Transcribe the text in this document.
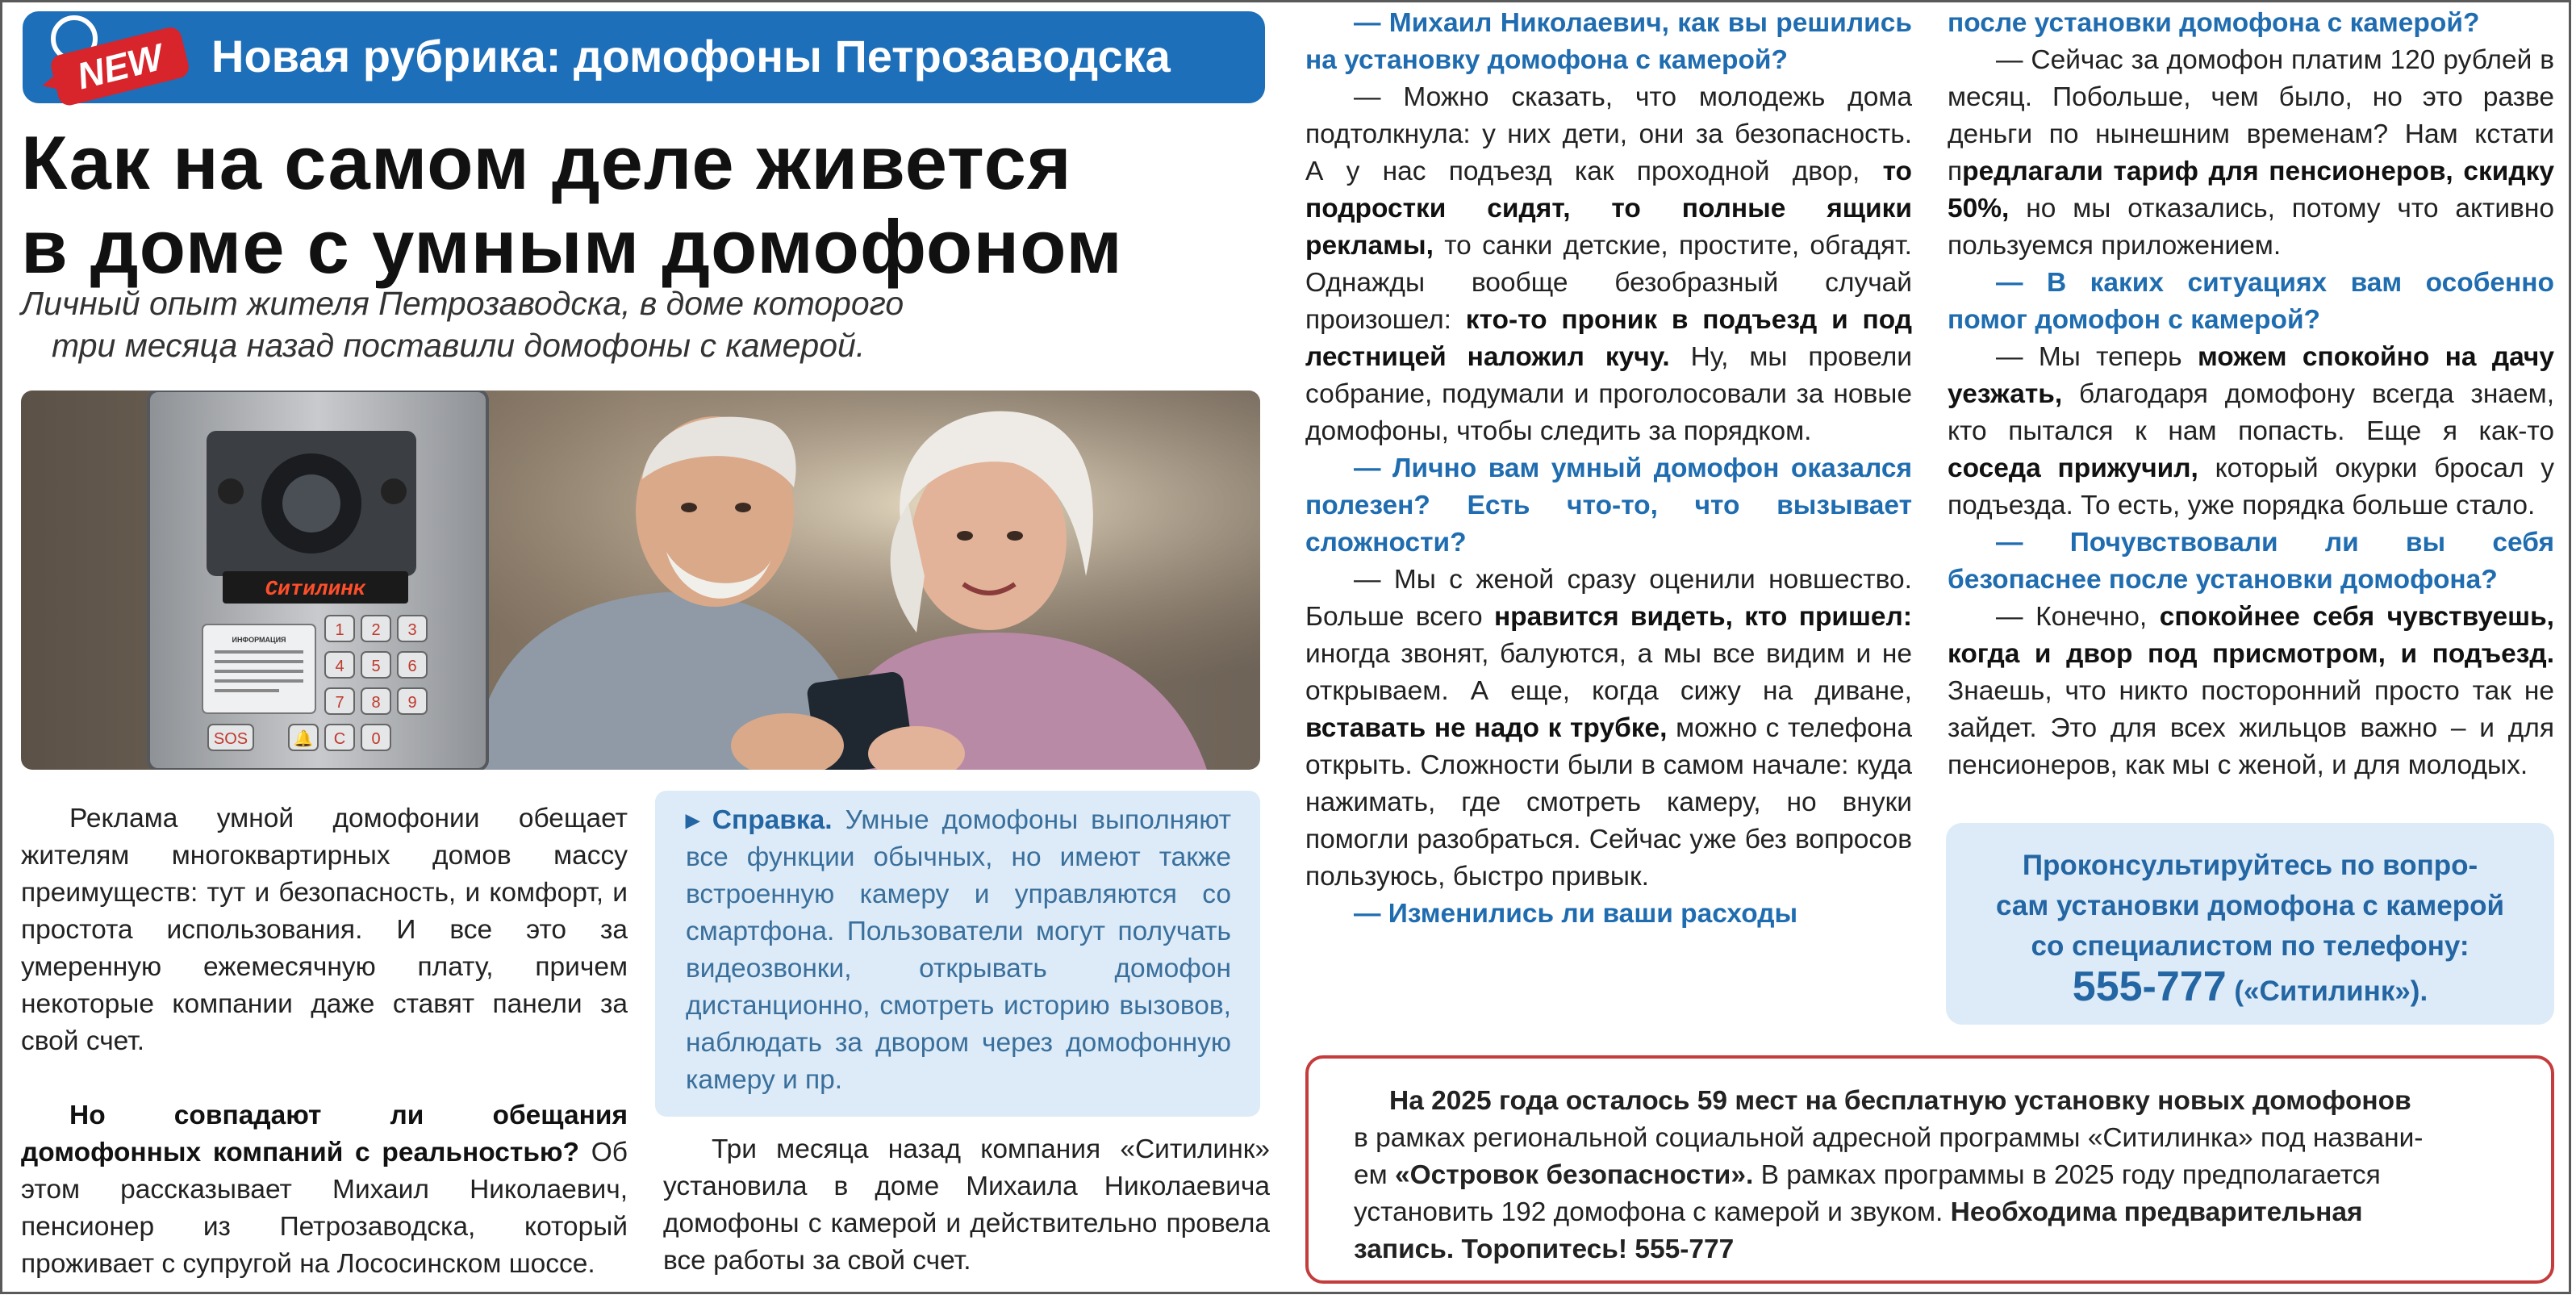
NEW Новая рубрика: домофоны Петрозаводска
Как на самом деле живется
в доме с умным домофоном
Личный опыт жителя Петрозаводска, в доме которого
три месяца назад поставили домофоны с камерой.
Ситилинк
ИНФОРМАЦИЯ
1 2 3
4 5 6
7 8 9
🔔 C 0
SOS

Реклама умной домофонии обещает жителям многоквартирных домов массу преимуществ: тут и безопасность, и комфорт, и простота использования. И все это за умеренную ежемесячную плату, причем некоторые компании даже ставят панели за свой счет.

Но совпадают ли обещания домофонных компаний с реальностью? Об этом рассказывает Михаил Николаевич, пенсионер из Петрозаводска, который проживает с супругой на Лососинском шоссе.

▸ Справка. Умные домофоны выполняют все функции обычных, но имеют также встроенную камеру и управляются со смартфона. Пользователи могут получать видеозвонки, открывать домофон дистанционно, смотреть историю вызовов, наблюдать за двором через домофонную камеру и пр.

Три месяца назад компания «Ситилинк» установила в доме Михаила Николаевича домофоны с камерой и действительно провела все работы за свой счет.

— Михаил Николаевич, как вы решились на установку домофона с камерой?

— Можно сказать, что молодежь дома подтолкнула: у них дети, они за безопасность. А у нас подъезд как проходной двор, то подростки сидят, то полные ящики рекламы, то санки детские, простите, обгадят. Однажды вообще безобразный случай произошел: кто-то проник в подъезд и под лестницей наложил кучу. Ну, мы провели собрание, подумали и проголосовали за новые домофоны, чтобы следить за порядком.

— Лично вам умный домофон оказался полезен? Есть что-то, что вызывает сложности?

— Мы с женой сразу оценили новшество. Больше всего нравится видеть, кто пришел: иногда звонят, балуются, а мы все видим и не открываем. А еще, когда сижу на диване, вставать не надо к трубке, можно с телефона открыть. Сложности были в самом начале: куда нажимать, где смотреть камеру, но внуки помогли разобраться. Сейчас уже без вопросов пользуюсь, быстро привык.

— Изменились ли ваши расходы

после установки домофона с камерой?

— Сейчас за домофон платим 120 рублей в месяц. Побольше, чем было, но это разве деньги по нынешним временам? Нам кстати предлагали тариф для пенсионеров, скидку 50%, но мы отказались, потому что активно пользуемся приложением.

— В каких ситуациях вам особенно помог домофон с камерой?

— Мы теперь можем спокойно на дачу уезжать, благодаря домофону всегда знаем, кто пытался к нам попасть. Еще я как-то соседа прижучил, который окурки бросал у подъезда. То есть, уже порядка больше стало.

— Почувствовали ли вы себя безопаснее после установки домофона?

— Конечно, спокойнее себя чувствуешь, когда и двор под присмотром, и подъезд. Знаешь, что никто посторонний просто так не зайдет. Это для всех жильцов важно – и для пенсионеров, как мы с женой, и для молодых.

Проконсультируйтесь по вопро-
сам установки домофона с камерой
со специалистом по телефону:
555-777 («Ситилинк»).
На 2025 года осталось 59 мест на бесплатную установку новых домофонов
в рамках региональной социальной адресной программы «Ситилинка» под названи-
ем «Островок безопасности». В рамках программы в 2025 году предполагается
установить 192 домофона с камерой и звуком. Необходима предварительная
запись. Торопитесь! 555-777
